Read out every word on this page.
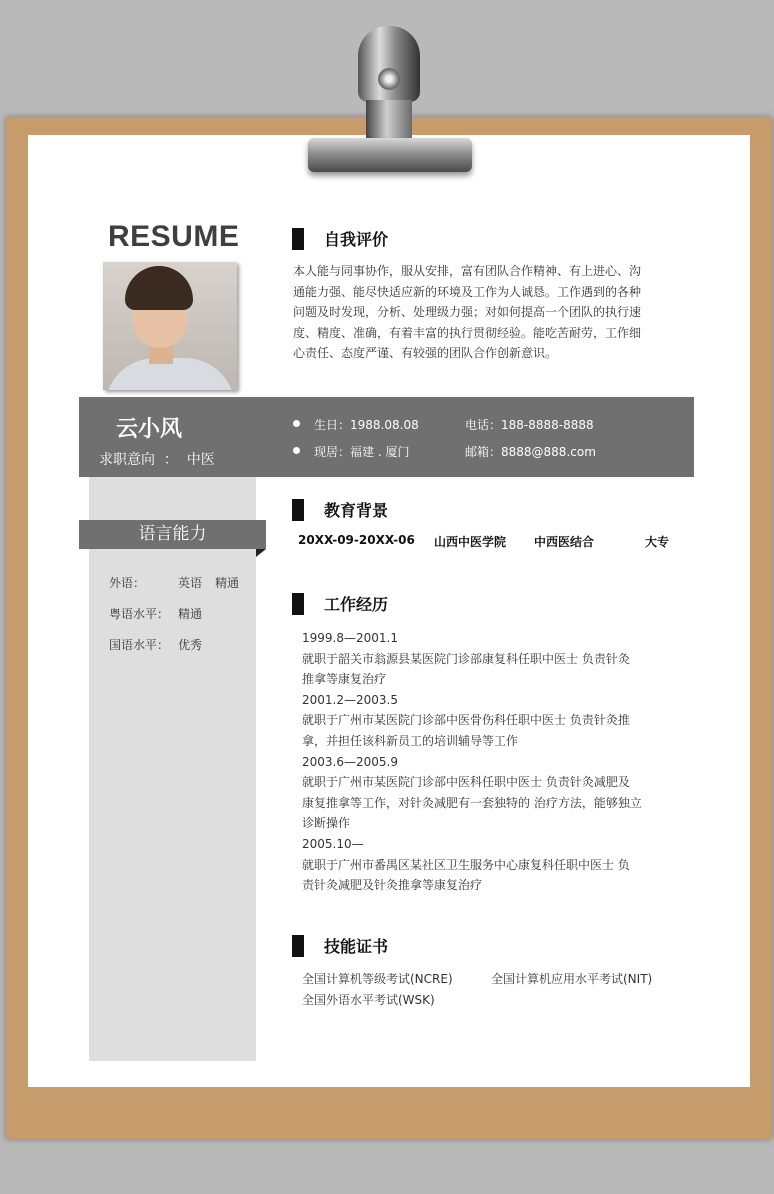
RESUME	自我评价
本人能与同事协作，服从安排，富有团队合作精神、有上进心、沟
通能力强、能尽快适应新的环境及工作为人诚恳。工作遇到的各种
问题及时发现，分析、处理级力强；对如何提高一个团队的执行速
度、精度、准确，有着丰富的执行贯彻经验。能吃苦耐劳，工作细
心责任、态度严谨、有较强的团队合作创新意识。
云小风
求职意向  ：  中医
生日：1988.08.08	电话：188-8888-8888
现居：福建 . 厦门	邮箱：8888@888.com
语言能力
外语：	英语 精通
粤语水平： 精通
国语水平： 优秀
教育背景
20XX-09-20XX-06 山西中医学院 中西医结合	大专
工作经历
1999.8—2001.1
就职于韶关市翁源县某医院门诊部康复科任职中医士 负责针灸
推拿等康复治疗
2001.2—2003.5
就职于广州市某医院门诊部中医骨伤科任职中医士 负责针灸推
拿，并担任该科新员工的培训辅导等工作
2003.6—2005.9
就职于广州市某医院门诊部中医科任职中医士 负责针灸减肥及
康复推拿等工作，对针灸减肥有一套独特的 治疗方法，能够独立
诊断操作
2005.10—
就职于广州市番禺区某社区卫生服务中心康复科任职中医士 负
责针灸减肥及针灸推拿等康复治疗
技能证书
全国计算机等级考试(NCRE)	全国计算机应用水平考试(NIT)
全国外语水平考试(WSK)
